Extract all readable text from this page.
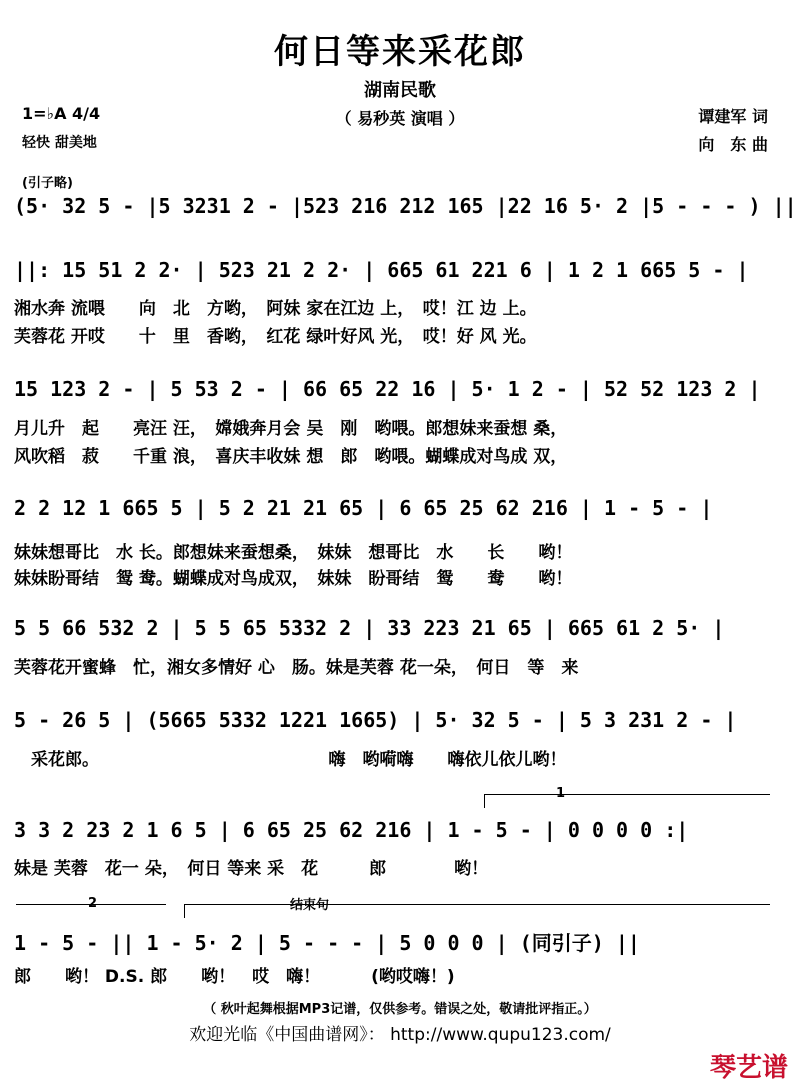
何日等来采花郎
湖南民歌
（ 易秒英 演唱 ）
1=♭A 4/4
轻快 甜美地
谭建军 词
向　东 曲
(引子略)
(5· 32 5 - |5 3231 2 - |523 216 212 165 |22 16 5· 2 |5 - - - ) ||
||: 15 51 2 2· | 523 21 2 2· | 665 61 221 6 | 1 2 1 665 5 - |
湘水奔 流喂　　向　北　方哟，　阿妹 家在江边 上，　哎！江 边 上。
芙蓉花 开哎　　十　里　香哟，　红花 绿叶好风 光，　哎！好 风 光。
15 123 2 - | 5 53 2 - | 66 65 22 16 | 5· 1 2 - | 52 52 123 2 |
月儿升　起　　亮汪 汪，　嫦娥奔月会 吴　刚　哟喂。郎想妹来蚕想 桑，
风吹稻　菽　　千重 浪，　喜庆丰收妹 想　郎　哟喂。蝴蝶成对鸟成 双，
2 2 12 1 665 5 | 5 2 21 21 65 | 6 65 25 62 216 | 1 - 5 - |
妹妹想哥比　水 长。郎想妹来蚕想桑，　妹妹　想哥比　水　　长　　哟！
妹妹盼哥结　鸳 鸯。蝴蝶成对鸟成双，　妹妹　盼哥结　鸳　　鸯　　哟！
5 5 66 532 2 | 5 5 65 5332 2 | 33 223 21 65 | 665 61 2 5· |
芙蓉花开蜜蜂　忙，湘女多情好 心　肠。妹是芙蓉 花一朵，　何日　等　来
5 - 26 5 | (5665 5332 1221 1665) | 5· 32 5 - | 5 3 231 2 - |
　采花郎。　　　　　　　　　　　　　　嗨　哟嗬嗨　　嗨依儿依儿哟！
1
3 3 2 23 2 1 6 5 | 6 65 25 62 216 | 1 - 5 - | 0 0 0 0 :|
妹是 芙蓉　花一 朵，　何日 等来 采　花　　　郎　　　　哟！
2	结束句
1 - 5 - || 1 - 5· 2 | 5 - - - | 5 0 0 0 | (同引子) ||
郎　　哟！ D.S. 郎　　哟！　哎　嗨！　　　(哟哎嗨！)
（ 秋叶起舞根据MP3记谱，仅供参考。错误之处，敬请批评指正。）
欢迎光临《中国曲谱网》： http://www.qupu123.com/
琴艺谱
